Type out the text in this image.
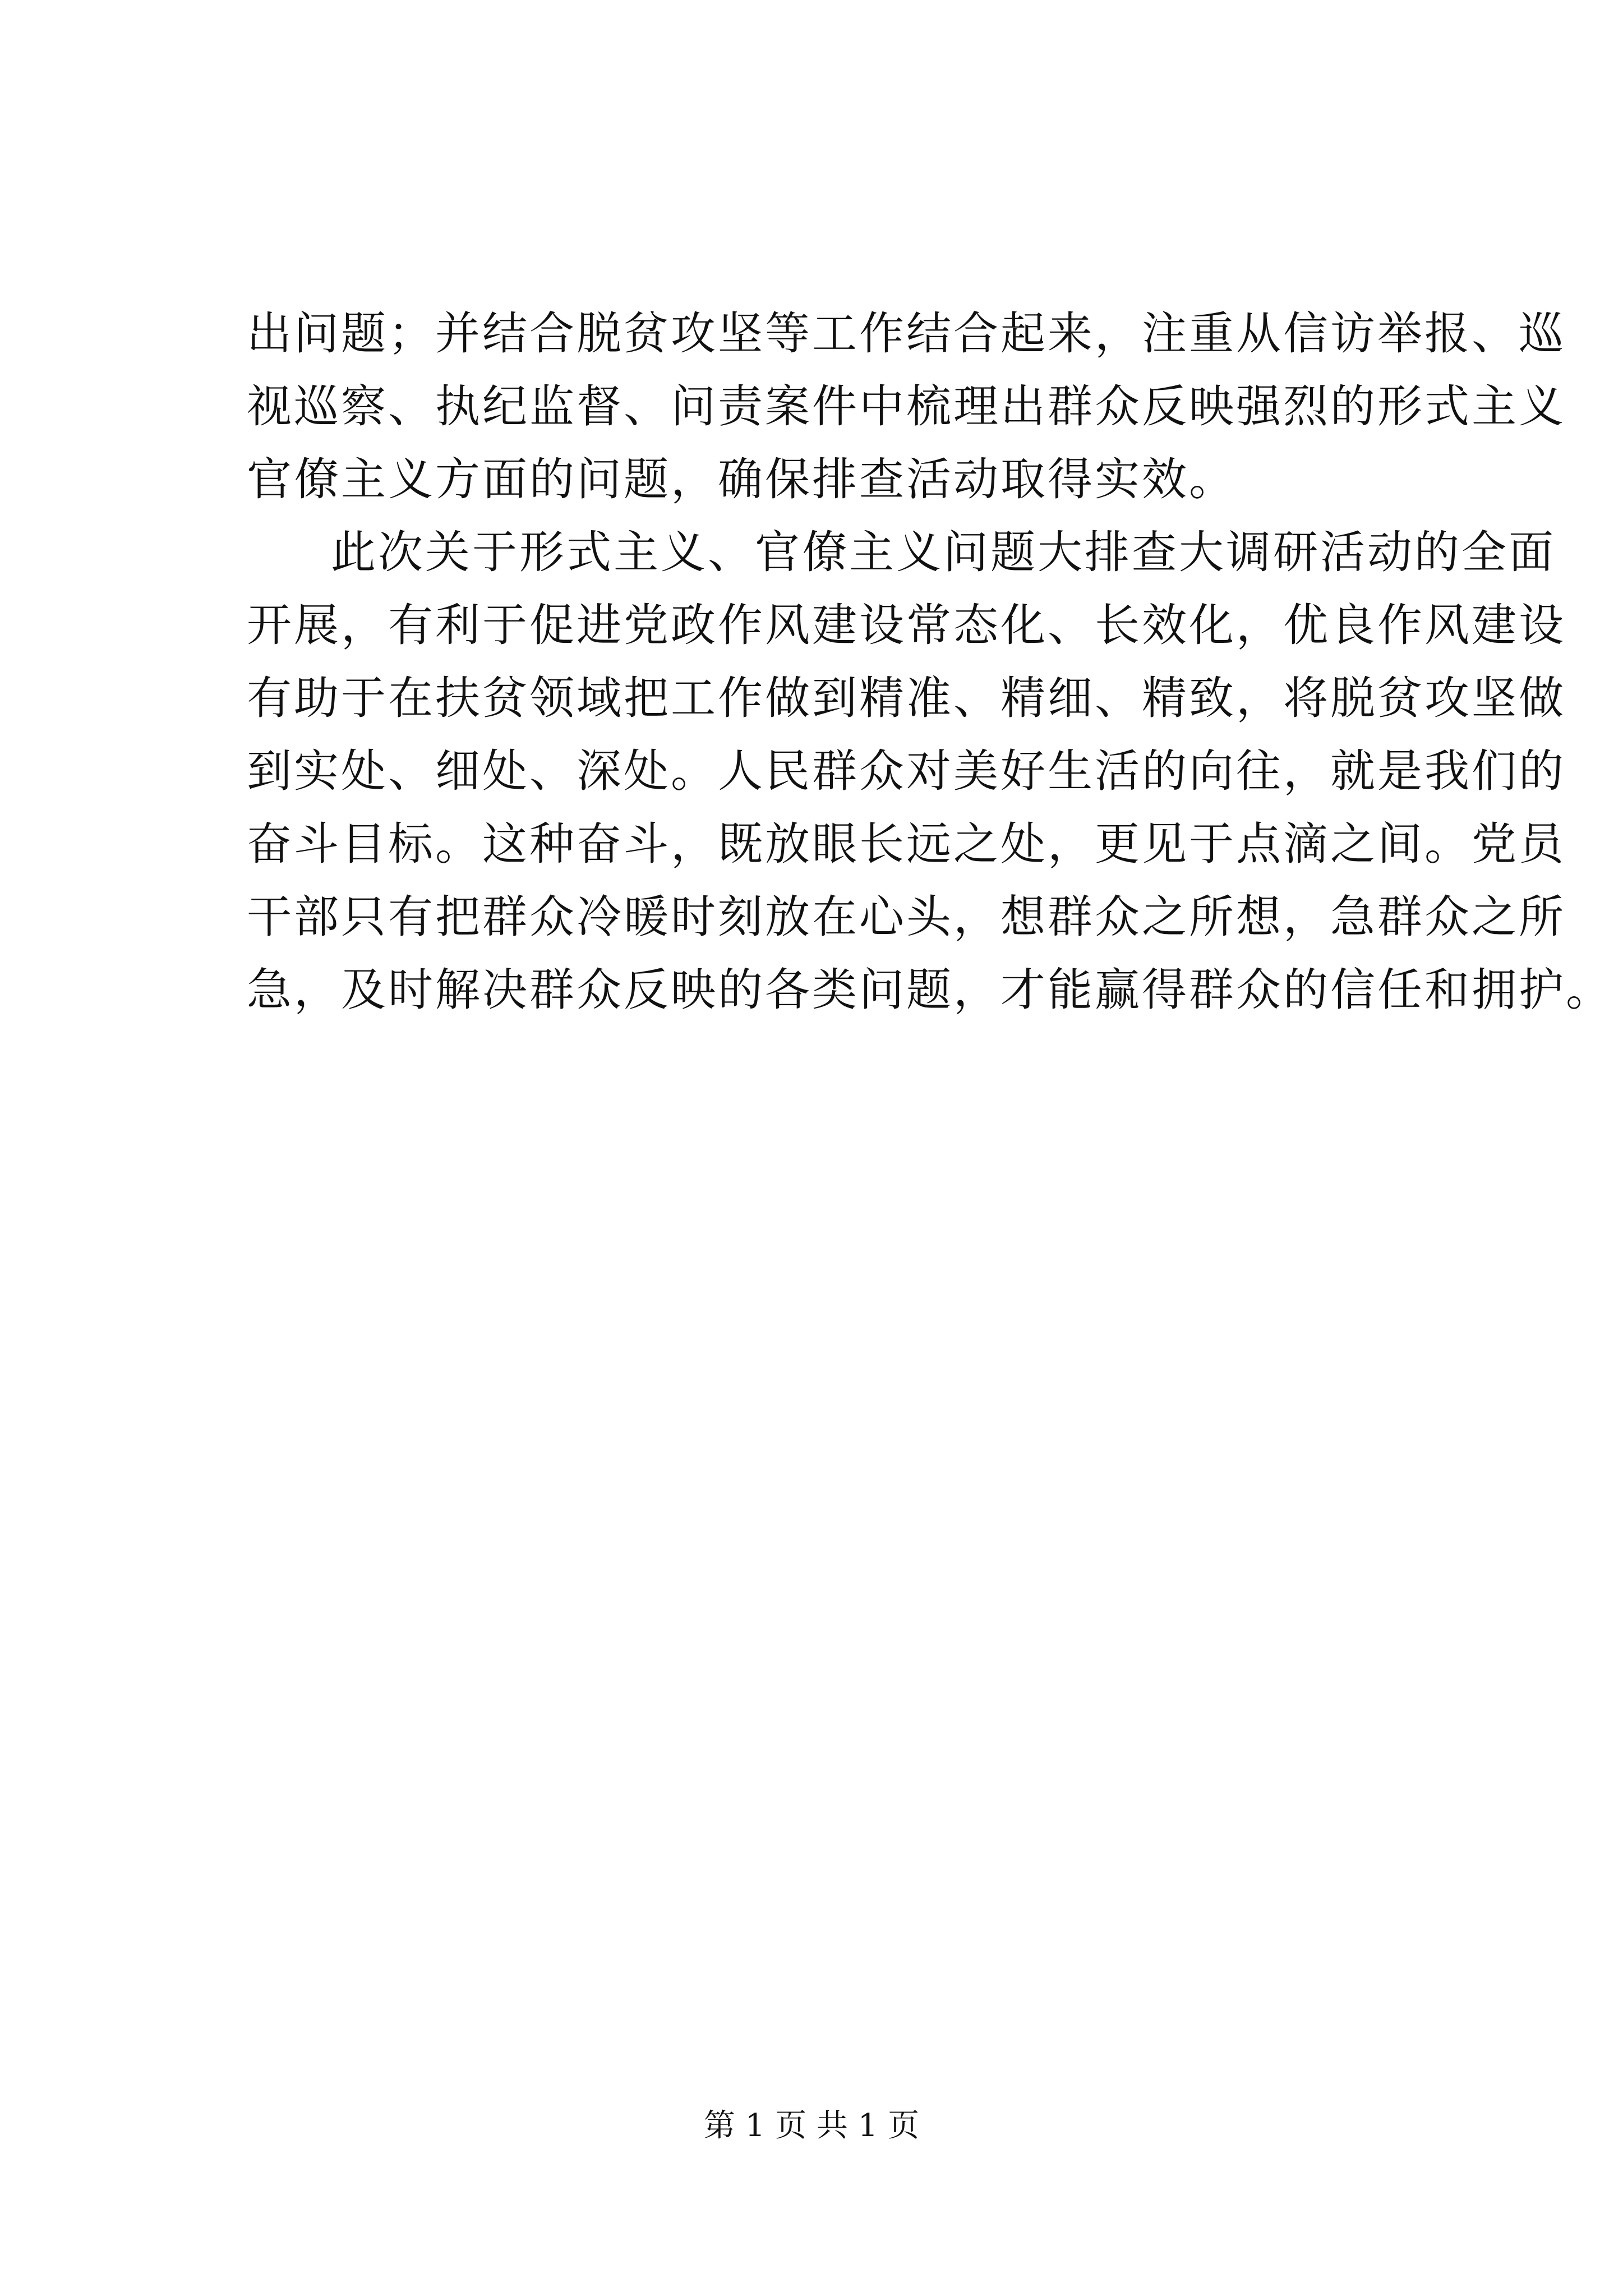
出问题；并结合脱贫攻坚等工作结合起来，注重从信访举报、巡
视巡察、执纪监督、问责案件中梳理出群众反映强烈的形式主义
官僚主义方面的问题，确保排查活动取得实效。
此次关于形式主义、官僚主义问题大排查大调研活动的全面
开展，有利于促进党政作风建设常态化、长效化，优良作风建设
有助于在扶贫领域把工作做到精准、精细、精致，将脱贫攻坚做
到实处、细处、深处。人民群众对美好生活的向往，就是我们的
奋斗目标。这种奋斗，既放眼长远之处，更见于点滴之间。党员
干部只有把群众冷暖时刻放在心头，想群众之所想，急群众之所
急，及时解决群众反映的各类问题，才能赢得群众的信任和拥护。
第 1 页 共 1 页
